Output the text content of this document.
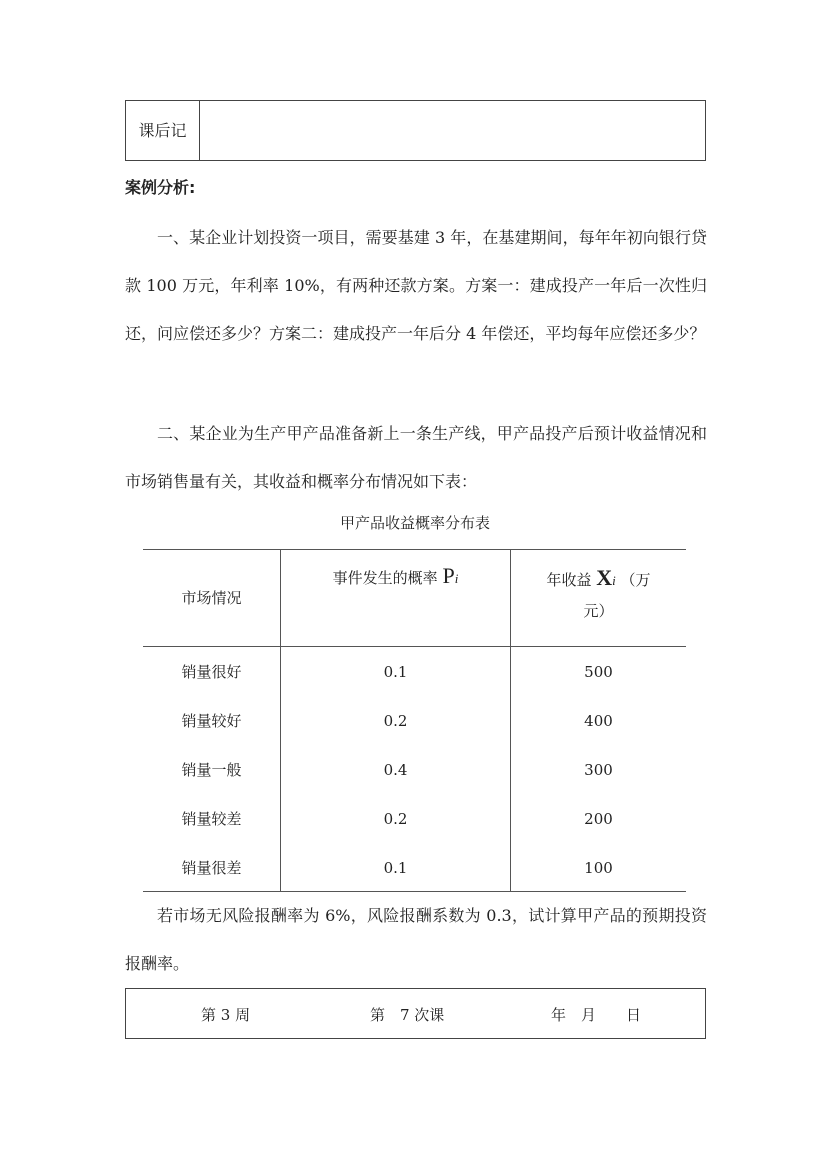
课后记
案例分析:
一、某企业计划投资一项目，需要基建 3 年，在基建期间，每年年初向银行贷款 100 万元，年利率 10%，有两种还款方案。方案一：建成投产一年后一次性归还，问应偿还多少？方案二：建成投产一年后分 4 年偿还，平均每年应偿还多少？
二、某企业为生产甲产品准备新上一条生产线，甲产品投产后预计收益情况和市场销售量有关，其收益和概率分布情况如下表：
甲产品收益概率分布表
市场情况	事件发生的概率 Pi	年收益 Xi （万
元）

销量很好	0.1	500
销量较好	0.2	400
销量一般	0.4	300
销量较差	0.2	200
销量很差	0.1	100
若市场无风险报酬率为 6%，风险报酬系数为 0.3，试计算甲产品的预期投资报酬率。
第 3 周	第　7 次课	年　月　　日
